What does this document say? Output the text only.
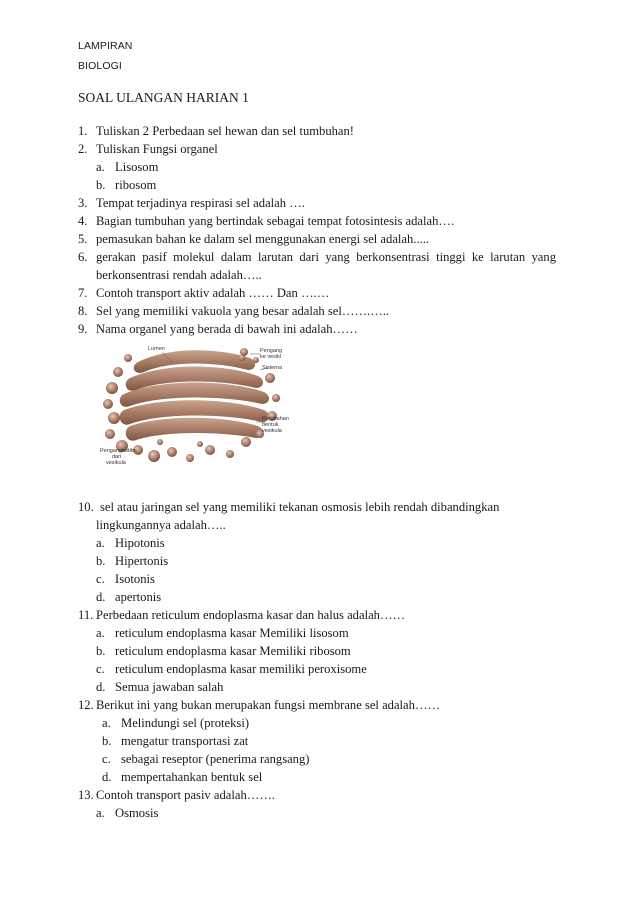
LAMPIRAN
BIOLOGI
SOAL ULANGAN HARIAN 1
1. Tuliskan 2 Perbedaan sel hewan dan sel tumbuhan!
2. Tuliskan Fungsi organel
a. Lisosom
b. ribosom
3. Tempat terjadinya respirasi sel adalah ….
4. Bagian tumbuhan yang bertindak sebagai tempat fotosintesis adalah….
5. pemasukan bahan ke dalam sel menggunakan energi sel adalah.....
6. gerakan pasif molekul dalam larutan dari yang berkonsentrasi tinggi ke larutan yang
berkonsentrasi rendah adalah…..
7. Contoh transport aktiv adalah …… Dan ….…
8. Sel yang memiliki vakuola yang besar adalah sel…….…..
9. Nama organel yang berada di bawah ini adalah……
Lumen	Pengang
ke vesikl
Sisterna
Perubahan
bentuk
vesikula
Pengangkutan
dari
vesikula
10. sel atau jaringan sel yang memiliki tekanan osmosis lebih rendah dibandingkan
lingkungannya adalah…..
a. Hipotonis
b. Hipertonis
c. Isotonis
d. apertonis
11. Perbedaan reticulum endoplasma kasar dan halus adalah……
a. reticulum endoplasma kasar Memiliki lisosom
b. reticulum endoplasma kasar Memiliki ribosom
c. reticulum endoplasma kasar memiliki peroxisome
d. Semua jawaban salah
12. Berikut ini yang bukan merupakan fungsi membrane sel adalah……
a. Melindungi sel (proteksi)
b. mengatur transportasi zat
c. sebagai reseptor (penerima rangsang)
d. mempertahankan bentuk sel
13. Contoh transport pasiv adalah…….
a. Osmosis
